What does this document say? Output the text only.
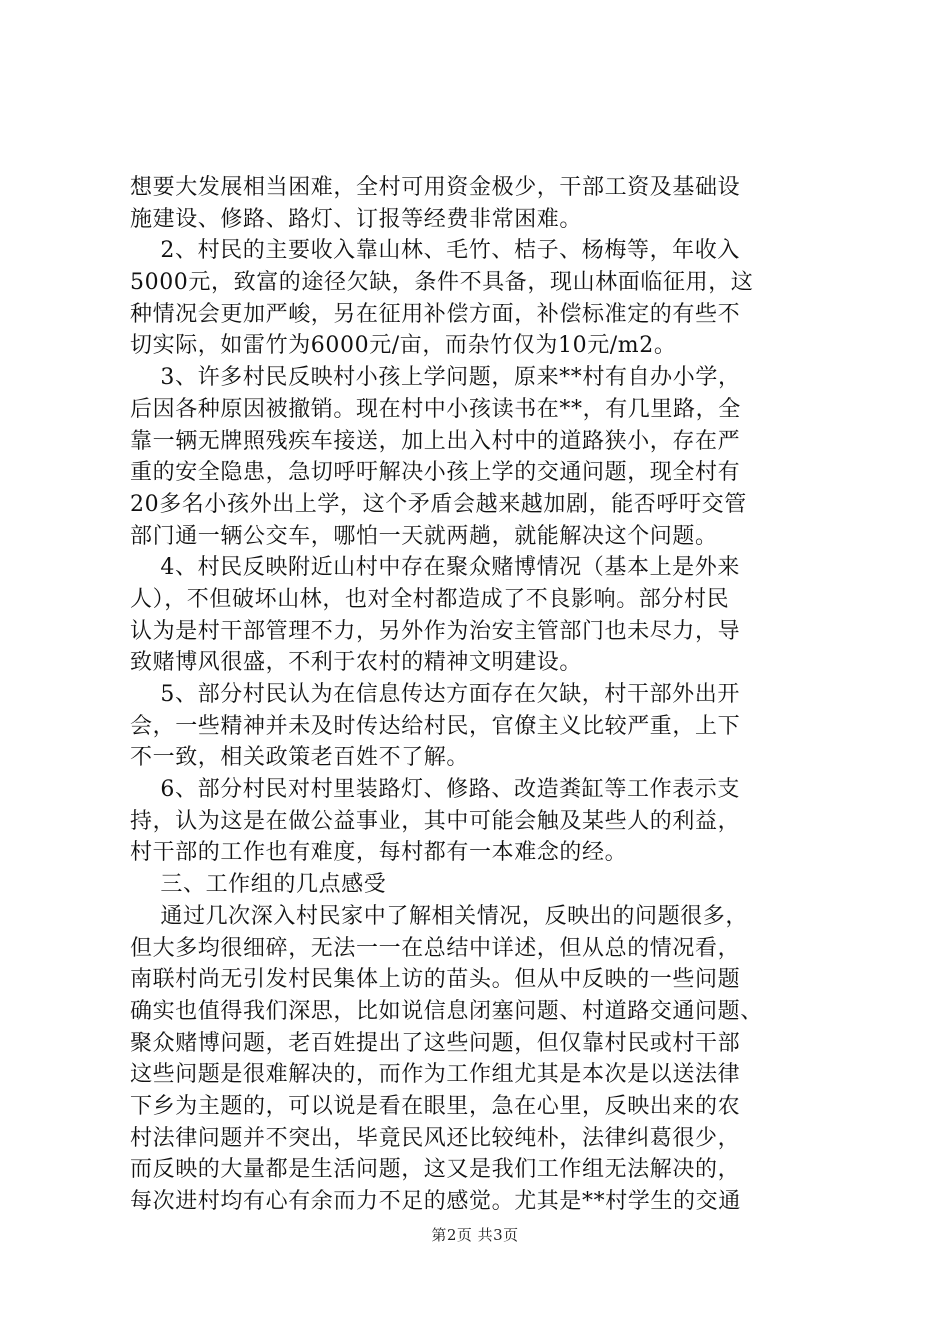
想要大发展相当困难，全村可用资金极少，干部工资及基础设
施建设、修路、路灯、订报等经费非常困难。
2、村民的主要收入靠山林、毛竹、桔子、杨梅等，年收入
5000元，致富的途径欠缺，条件不具备，现山林面临征用，这
种情况会更加严峻，另在征用补偿方面，补偿标准定的有些不
切实际，如雷竹为6000元/亩，而杂竹仅为10元/m2。
3、许多村民反映村小孩上学问题，原来**村有自办小学，
后因各种原因被撤销。现在村中小孩读书在**，有几里路，全
靠一辆无牌照残疾车接送，加上出入村中的道路狭小，存在严
重的安全隐患，急切呼吁解决小孩上学的交通问题，现全村有
20多名小孩外出上学，这个矛盾会越来越加剧，能否呼吁交管
部门通一辆公交车，哪怕一天就两趟，就能解决这个问题。
4、村民反映附近山村中存在聚众赌博情况（基本上是外来
人），不但破坏山林，也对全村都造成了不良影响。部分村民
认为是村干部管理不力，另外作为治安主管部门也未尽力，导
致赌博风很盛，不利于农村的精神文明建设。
5、部分村民认为在信息传达方面存在欠缺，村干部外出开
会，一些精神并未及时传达给村民，官僚主义比较严重，上下
不一致，相关政策老百姓不了解。
6、部分村民对村里装路灯、修路、改造粪缸等工作表示支
持，认为这是在做公益事业，其中可能会触及某些人的利益，
村干部的工作也有难度，每村都有一本难念的经。
三、工作组的几点感受
通过几次深入村民家中了解相关情况，反映出的问题很多，
但大多均很细碎，无法一一在总结中详述，但从总的情况看，
南联村尚无引发村民集体上访的苗头。但从中反映的一些问题
确实也值得我们深思，比如说信息闭塞问题、村道路交通问题、
聚众赌博问题，老百姓提出了这些问题，但仅靠村民或村干部
这些问题是很难解决的，而作为工作组尤其是本次是以送法律
下乡为主题的，可以说是看在眼里，急在心里，反映出来的农
村法律问题并不突出，毕竟民风还比较纯朴，法律纠葛很少，
而反映的大量都是生活问题，这又是我们工作组无法解决的，
每次进村均有心有余而力不足的感觉。尤其是**村学生的交通
第2页 共3页
